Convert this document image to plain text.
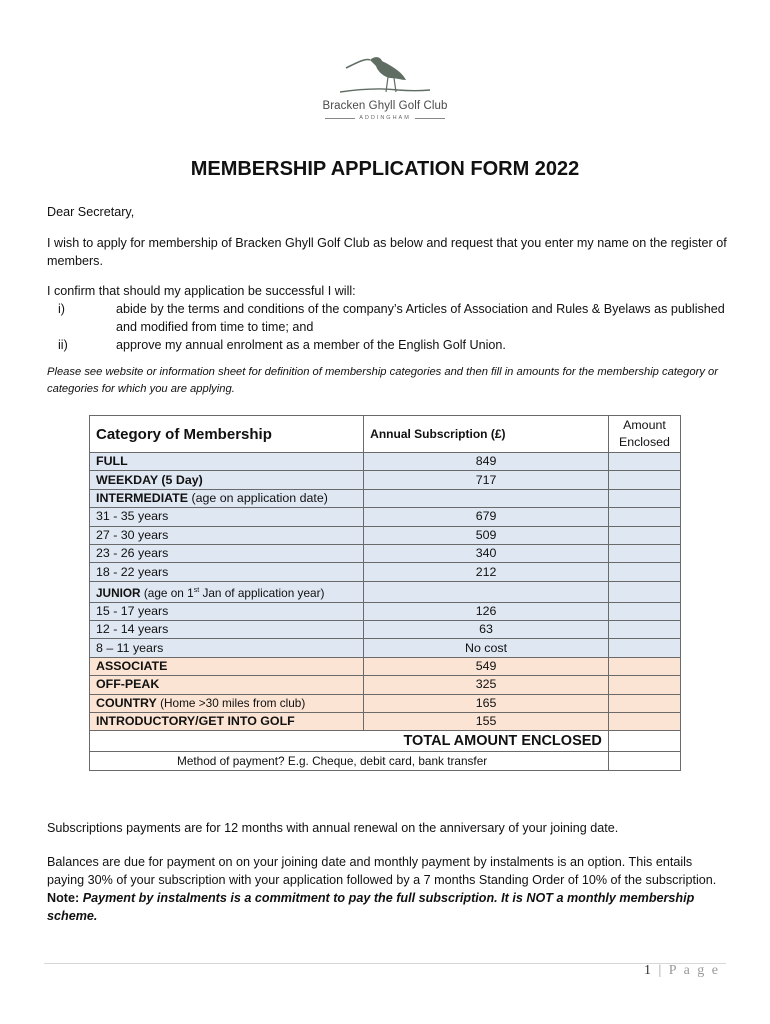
Bracken Ghyll Golf Club
ADDINGHAM
MEMBERSHIP APPLICATION FORM 2022
Dear Secretary,
I wish to apply for membership of Bracken Ghyll Golf Club as below and request that you enter my name on the register of members.
I confirm that should my application be successful I will:
i)	abide by the terms and conditions of the company’s Articles of Association and Rules & Byelaws as published and modified from time to time; and
ii)	approve my annual enrolment as a member of the English Golf Union.
Please see website or information sheet for definition of membership categories and then fill in amounts for the membership category or categories for which you are applying.
Category of Membership	Annual Subscription (£)	Amount Enclosed
FULL	849	
WEEKDAY (5 Day)	717	
INTERMEDIATE (age on application date)		
31 - 35 years	679	
27 - 30 years	509	
23 - 26 years	340	
18 - 22 years	212	
JUNIOR (age on 1st Jan of application year)		
15 - 17 years	126	
12 - 14 years	63	
8 – 11 years	No cost	
ASSOCIATE	549	
OFF-PEAK	325	
COUNTRY (Home >30 miles from club)	165	
INTRODUCTORY/GET INTO GOLF	155	
TOTAL AMOUNT ENCLOSED		
Method of payment? E.g. Cheque, debit card, bank transfer		
Subscriptions payments are for 12 months with annual renewal on the anniversary of your joining date.
Balances are due for payment on on your joining date and monthly payment by instalments is an option. This entails paying 30% of your subscription with your application followed by a 7 months Standing Order of 10% of the subscription. Note: Payment by instalments is a commitment to pay the full subscription. It is NOT a monthly membership scheme.
1 | P a g e
